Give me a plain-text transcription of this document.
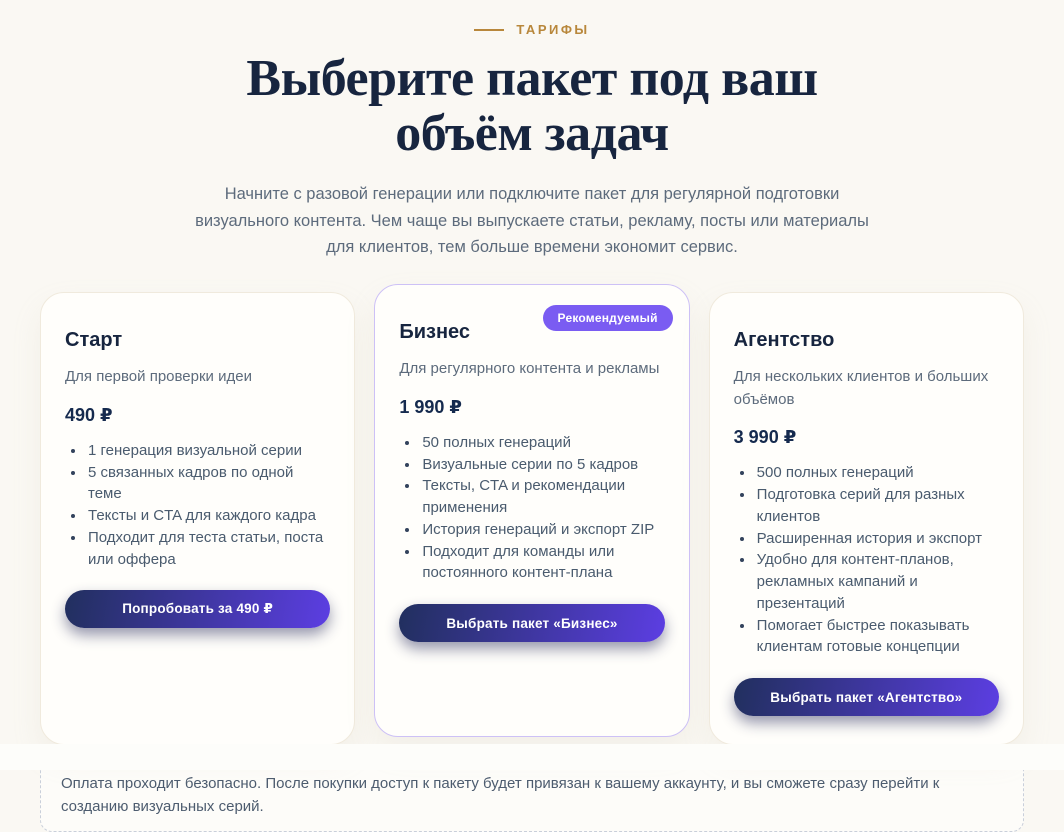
ТАРИФЫ
Выберите пакет под ваш
объём задач

Начните с разовой генерации или подключите пакет для регулярной подготовки визуального контента. Чем чаще вы выпускаете статьи, рекламу, посты или материалы для клиентов, тем больше времени экономит сервис.

Старт
Для первой проверки идеи
490 ₽
• 1 генерация визуальной серии
• 5 связанных кадров по одной теме
• Тексты и CTA для каждого кадра
• Подходит для теста статьи, поста или оффера
Попробовать за 490 ₽
Рекомендуемый
Бизнес
Для регулярного контента и рекламы
1 990 ₽
• 50 полных генераций
• Визуальные серии по 5 кадров
• Тексты, CTA и рекомендации применения
• История генераций и экспорт ZIP
• Подходит для команды или постоянного контент-плана
Выбрать пакет «Бизнес»
Агентство
Для нескольких клиентов и больших объёмов
3 990 ₽
• 500 полных генераций
• Подготовка серий для разных клиентов
• Расширенная история и экспорт
• Удобно для контент-планов, рекламных кампаний и презентаций
• Помогает быстрее показывать клиентам готовые концепции
Выбрать пакет «Агентство»
Оплата проходит безопасно. После покупки доступ к пакету будет привязан к вашему аккаунту, и вы сможете сразу перейти к созданию визуальных серий.
